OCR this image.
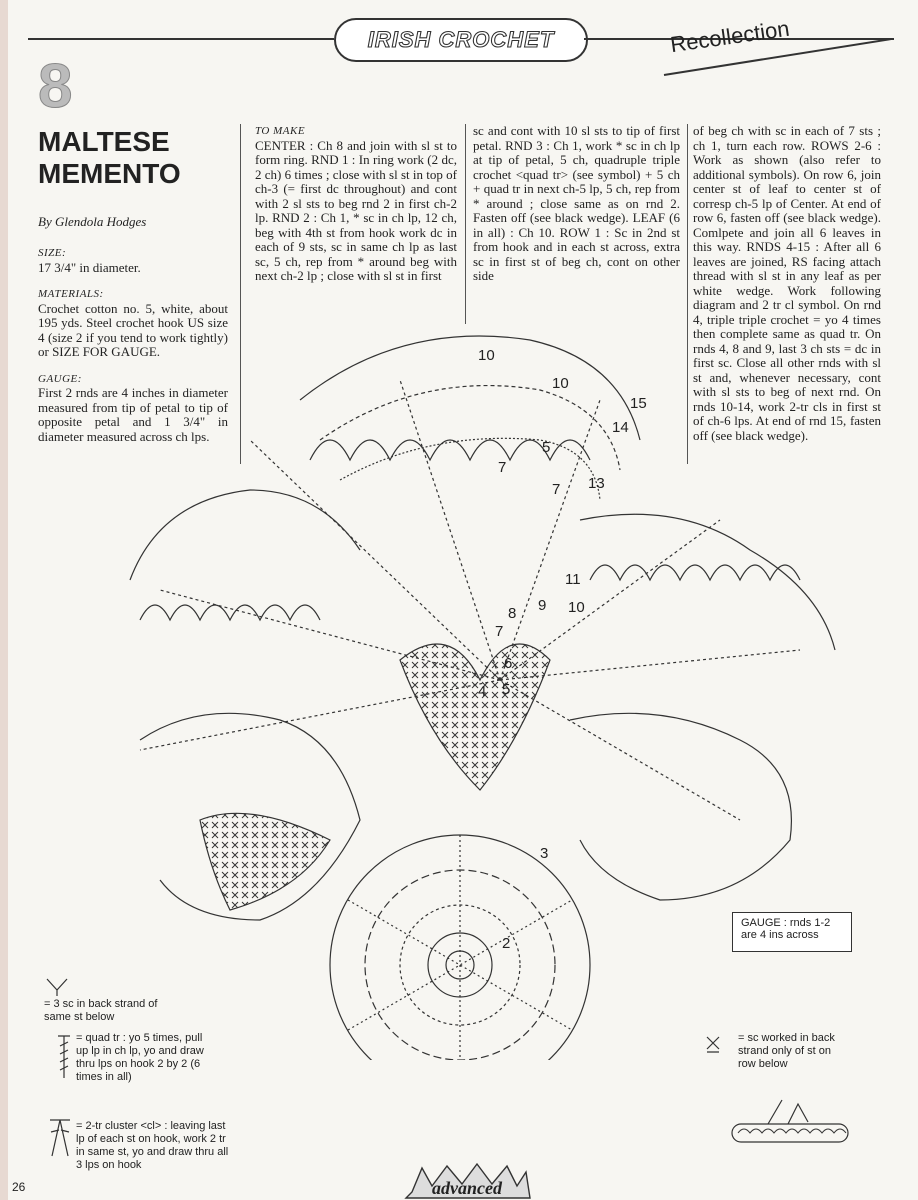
IRISH CROCHET	Recollection
8
MALTESE
MEMENTO
By Glendola Hodges
SIZE:
17 3/4" in diameter.
MATERIALS:
Crochet cotton no. 5, white, about 195 yds. Steel crochet hook US size 4 (size 2 if you tend to work tightly) or SIZE FOR GAUGE.
GAUGE:
First 2 rnds are 4 inches in diameter measured from tip of petal to tip of opposite petal and 1 3/4" in diameter measured across ch lps.
TO MAKE
CENTER : Ch 8 and join with sl st to form ring. RND 1 : In ring work (2 dc, 2 ch) 6 times ; close with sl st in top of ch-3 (= first dc throughout) and cont with 2 sl sts to beg rnd 2 in first ch-2 lp. RND 2 : Ch 1, * sc in ch lp, 12 ch, beg with 4th st from hook work dc in each of 9 sts, sc in same ch lp as last sc, 5 ch, rep from * around beg with next ch-2 lp ; close with sl st in first
sc and cont with 10 sl sts to tip of first petal. RND 3 : Ch 1, work * sc in ch lp at tip of petal, 5 ch, quadruple triple crochet <quad tr> (see symbol) + 5 ch + quad tr in next ch-5 lp, 5 ch, rep from * around ; close same as on rnd 2. Fasten off (see black wedge). LEAF (6 in all) : Ch 10. ROW 1 : Sc in 2nd st from hook and in each st across, extra sc in first st of beg ch, cont on other side
of beg ch with sc in each of 7 sts ; ch 1, turn each row. ROWS 2-6 : Work as shown (also refer to additional symbols). On row 6, join center st of leaf to center st of corresp ch-5 lp of Center. At end of row 6, fasten off (see black wedge). Comlpete and join all 6 leaves in this way. RNDS 4-15 : After all 6 leaves are joined, RS facing attach thread with sl st in any leaf as per white wedge. Work following diagram and 2 tr cl symbol. On rnd 4, triple triple crochet = yo 4 times then complete same as quad tr. On rnds 4, 8 and 9, last 3 ch sts = dc in first sc. Close all other rnds with sl st and, whenever necessary, cont with sl sts to beg of next rnd. On rnds 10-14, work 2-tr cls in first st of ch-6 lps. At end of rnd 15, fasten off (see black wedge).
10
10
15
14
5
7
7 13
11
8 9 10
7
6
4 5
3
2
GAUGE : rnds 1-2 are 4 ins across
= 3 sc in back strand of same st below
= quad tr : yo 5 times, pull up lp in ch lp, yo and draw thru lps on hook 2 by 2 (6 times in all)
= 2-tr cluster <cl> : leaving last lp of each st on hook, work 2 tr in same st, yo and draw thru all 3 lps on hook
= sc worked in back strand only of st on row below
26	advanced
